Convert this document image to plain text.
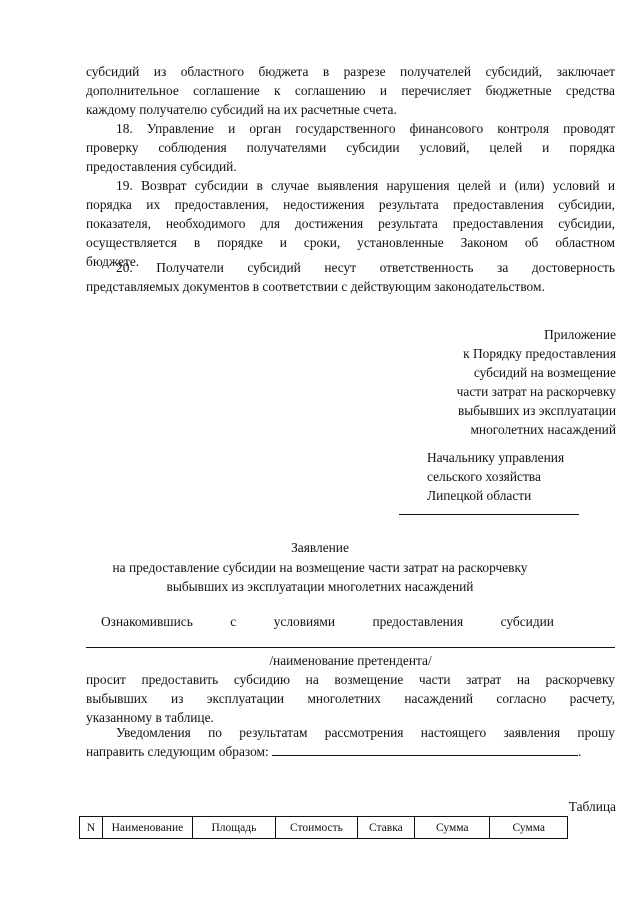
субсидий из областного бюджета в разрезе получателей субсидий, заключает
дополнительное соглашение к соглашению и перечисляет бюджетные средства
каждому получателю субсидий на их расчетные счета.

18. Управление и орган государственного финансового контроля проводят
проверку соблюдения получателями субсидии условий, целей и порядка
предоставления субсидий.

19. Возврат субсидии в случае выявления нарушения целей и (или) условий и
порядка их предоставления, недостижения результата предоставления субсидии,
показателя, необходимого для достижения результата предоставления субсидии,
осуществляется в порядке и сроки, установленные Законом об областном
бюджете.

20. Получатели субсидий несут ответственность за достоверность
представляемых документов в соответствии с действующим законодательством.

Приложение
к Порядку предоставления
субсидий на возмещение
части затрат на раскорчевку
выбывших из эксплуатации
многолетних насаждений
Начальнику управления
сельского хозяйства
Липецкой области
Заявление
на предоставление субсидии на возмещение части затрат на раскорчевку
выбывших из эксплуатации многолетних насаждений
Ознакомившись	с	условиями	предоставления	субсидии
/наименование претендента/

просит предоставить субсидию на возмещение части затрат на раскорчевку
выбывших из эксплуатации многолетних насаждений согласно расчету,
указанному в таблице.

Уведомления по результатам рассмотрения настоящего заявления прошу

направить следующим образом:	.
Таблица
N	Наименование	Площадь	Стоимость	Ставка	Сумма	Сумма
